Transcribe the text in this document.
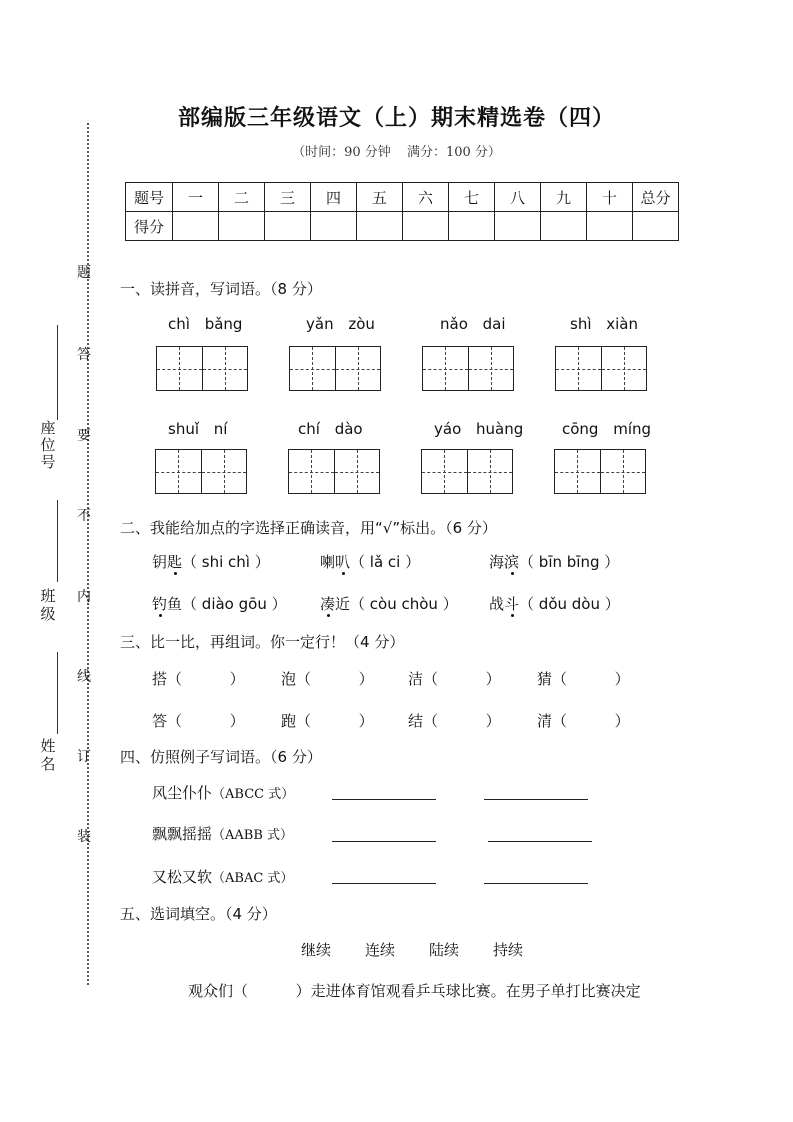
部编版三年级语文（上）期末精选卷（四）
（时间：90 分钟 满分：100 分）
题号	一	二	三	四	五	六	七	八	九	十	总分
得分											
题
答
要
不
内
线
订
装
座位号
班级
姓名
一、读拼音，写词语。（8 分）
chì bǎng	yǎn zòu	nǎo dai	shì xiàn
shuǐ ní	chí dào	yáo huàng	cōng míng
二、我能给加点的字选择正确读音，用“√”标出。（6 分）
钥匙（ shi chì ）	喇叭（ lǎ ci ）	海滨（ bīn bīng ）
钓鱼（ diào gōu ） 凑近（ còu chòu ） 战斗（ dǒu dòu ）
三、比一比，再组词。你一定行！（4 分）
搭（          ） 泡（          ） 洁（          ） 猜（          ）
答（          ） 跑（          ） 结（          ） 清（          ）
四、仿照例子写词语。（6 分）
风尘仆仆（ABCC 式）
飘飘摇摇（AABB 式）
又松又软（ABAC 式）
五、选词填空。（4 分）
继续 连续 陆续 持续
观众们（          ）走进体育馆观看乒乓球比赛。在男子单打比赛决定
